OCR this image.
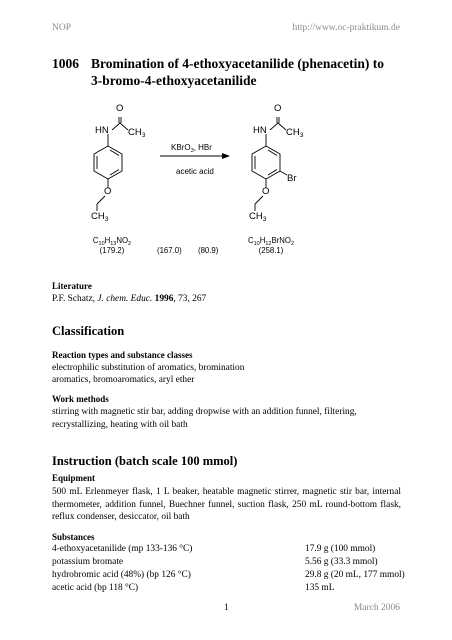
NOP	http://www.oc-praktikum.de
1006 Bromination of 4-ethoxyacetanilide (phenacetin) to
3-bromo-4-ethoxyacetanilide
O
HN $CH_3$
O
$CH_3$
KBrO$_3$, HBr
acetic acid
O
HN $CH_3$
Br
O
$CH_3$
$C_{10}H_{13}NO_2$
(179.2)	(167.0) (80.9)
$C_{10}H_{12}BrNO_2$
(258.1)
Literature
P.F. Schatz, J. chem. Educ. 1996, 73, 267
Classification
Reaction types and substance classes
electrophilic substitution of aromatics, bromination
aromatics, bromoaromatics, aryl ether
Work methods
stirring with magnetic stir bar, adding dropwise with an addition funnel, filtering, recrystallizing, heating with oil bath
Instruction (batch scale 100 mmol)
Equipment
500 mL Erlenmeyer flask, 1 L beaker, heatable magnetic stirrer, magnetic stir bar, internal thermometer, addition funnel, Buechner funnel, suction flask, 250 mL round-bottom flask, reflux condenser, desiccator, oil bath
Substances
4-ethoxyacetanilide (mp 133-136 °C)	17.9 g (100 mmol)
potassium bromate	5.56 g (33.3 mmol)
hydrobromic acid (48%) (bp 126 °C)	29.8 g (20 mL, 177 mmol)
acetic acid (bp 118 °C)	135 mL
1	March 2006
